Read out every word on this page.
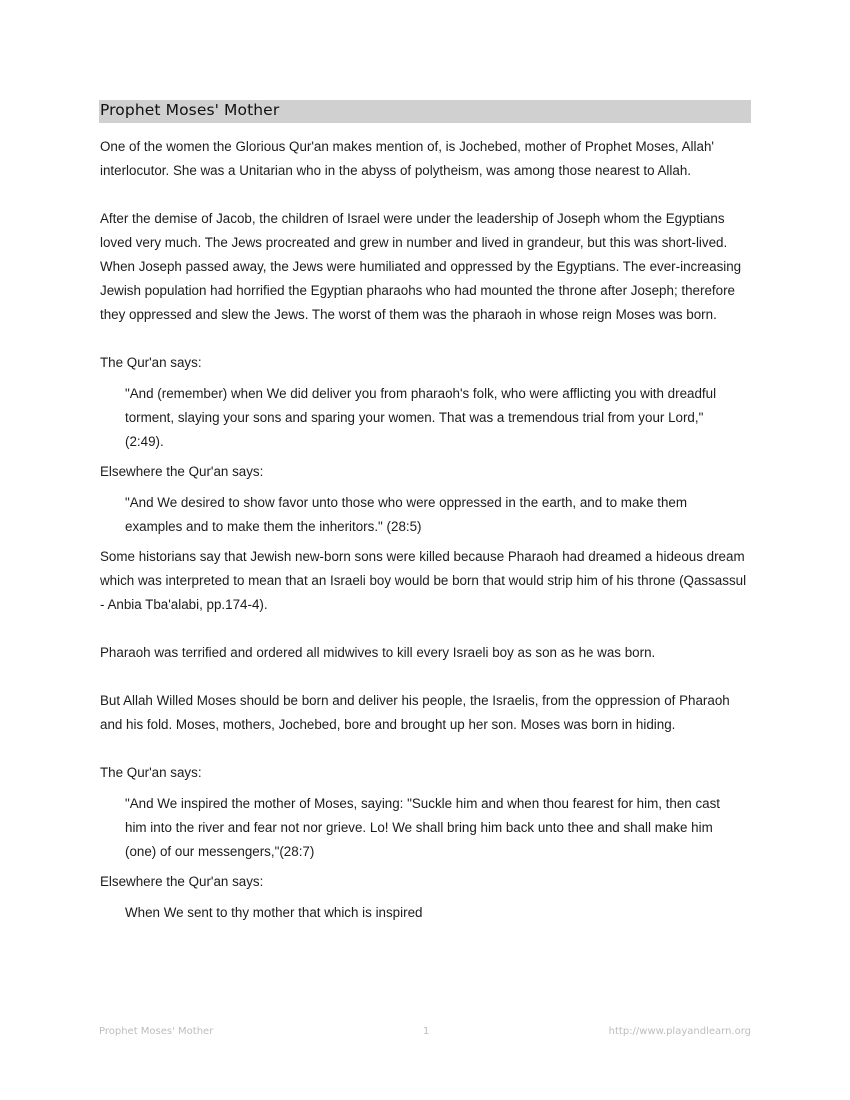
Prophet Moses' Mother

One of the women the Glorious Qur'an makes mention of, is Jochebed, mother of Prophet Moses, Allah' interlocutor. She was a Unitarian who in the abyss of polytheism, was among those nearest to Allah.

After the demise of Jacob, the children of Israel were under the leadership of Joseph whom the Egyptians loved very much. The Jews procreated and grew in number and lived in grandeur, but this was short-lived. When Joseph passed away, the Jews were humiliated and oppressed by the Egyptians. The ever-increasing Jewish population had horrified the Egyptian pharaohs who had mounted the throne after Joseph; therefore they oppressed and slew the Jews. The worst of them was the pharaoh in whose reign Moses was born.

The Qur'an says:

"And (remember) when We did deliver you from pharaoh's folk, who were afflicting you with dreadful torment, slaying your sons and sparing your women. That was a tremendous trial from your Lord," (2:49).

Elsewhere the Qur'an says:

"And We desired to show favor unto those who were oppressed in the earth, and to make them examples and to make them the inheritors." (28:5)

Some historians say that Jewish new-born sons were killed because Pharaoh had dreamed a hideous dream which was interpreted to mean that an Israeli boy would be born that would strip him of his throne (Qassassul - Anbia Tba'alabi, pp.174-4).

Pharaoh was terrified and ordered all midwives to kill every Israeli boy as son as he was born.

But Allah Willed Moses should be born and deliver his people, the Israelis, from the oppression of Pharaoh and his fold. Moses, mothers, Jochebed, bore and brought up her son. Moses was born in hiding.

The Qur'an says:

"And We inspired the mother of Moses, saying: "Suckle him and when thou fearest for him, then cast him into the river and fear not nor grieve. Lo! We shall bring him back unto thee and shall make him (one) of our messengers,"(28:7)

Elsewhere the Qur'an says:

When We sent to thy mother that which is inspired

Prophet Moses' Mother	1	http://www.playandlearn.org
